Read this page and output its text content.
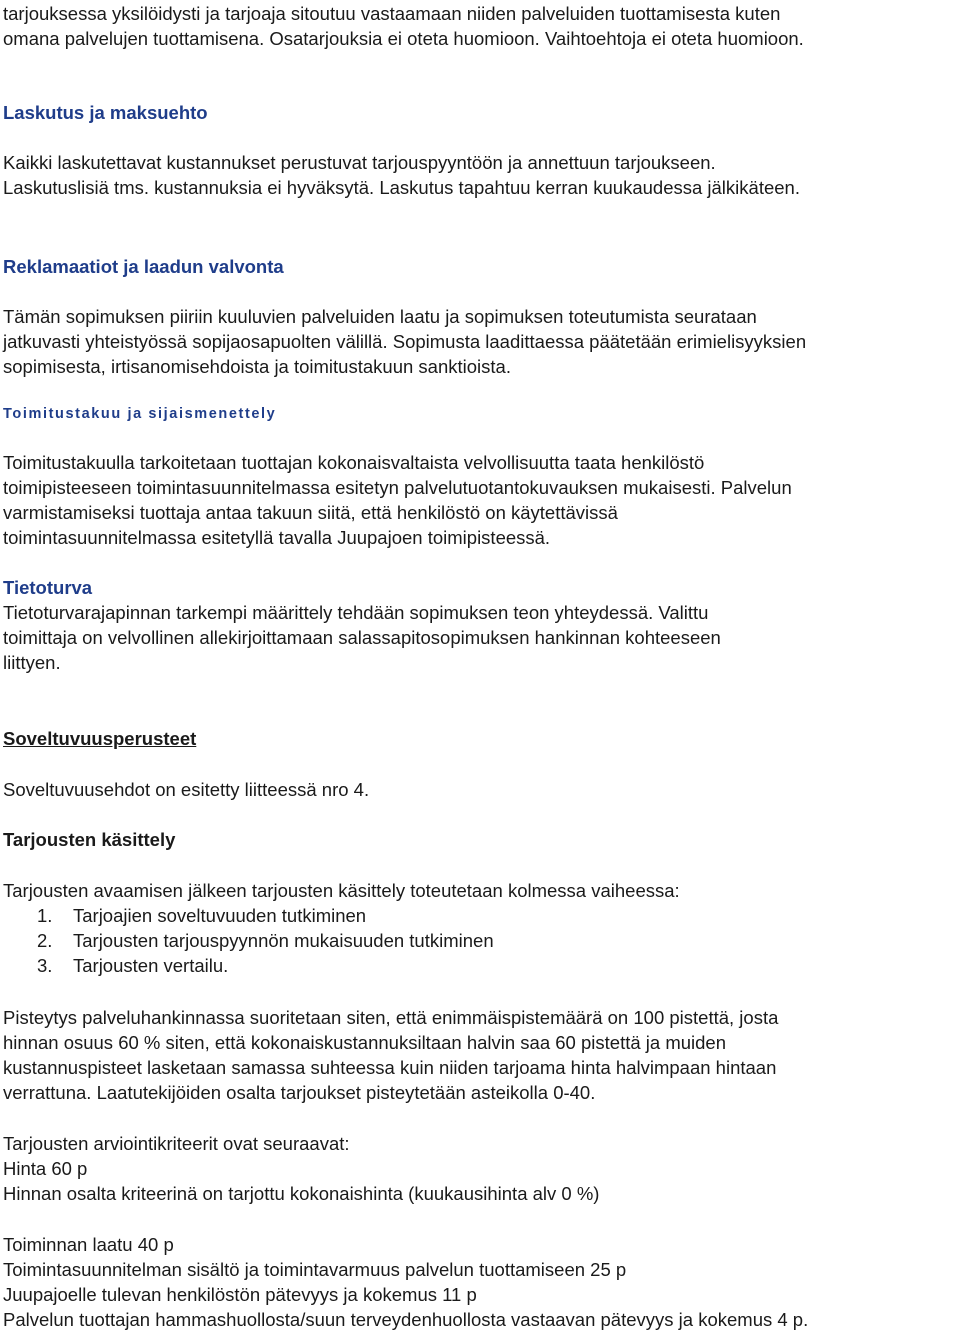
tarjouksessa yksilöidysti ja tarjoaja sitoutuu vastaamaan niiden palveluiden tuottamisesta kuten
omana palvelujen tuottamisena. Osatarjouksia ei oteta huomioon. Vaihtoehtoja ei oteta huomioon.
Laskutus ja maksuehto
Kaikki laskutettavat kustannukset perustuvat tarjouspyyntöön ja annettuun tarjoukseen.
Laskutuslisiä tms. kustannuksia ei hyväksytä. Laskutus tapahtuu kerran kuukaudessa jälkikäteen.
Reklamaatiot ja laadun valvonta
Tämän sopimuksen piiriin kuuluvien palveluiden laatu ja sopimuksen toteutumista seurataan
jatkuvasti yhteistyössä sopijaosapuolten välillä. Sopimusta laadittaessa päätetään erimielisyyksien
sopimisesta, irtisanomisehdoista ja toimitustakuun sanktioista.
Toimitustakuu ja sijaismenettely
Toimitustakuulla tarkoitetaan tuottajan kokonaisvaltaista velvollisuutta taata henkilöstö
toimipisteeseen toimintasuunnitelmassa esitetyn palvelutuotantokuvauksen mukaisesti. Palvelun
varmistamiseksi tuottaja antaa takuun siitä, että henkilöstö on käytettävissä
toimintasuunnitelmassa esitetyllä tavalla Juupajoen toimipisteessä.
Tietoturva
Tietoturvarajapinnan tarkempi määrittely tehdään sopimuksen teon yhteydessä. Valittu
toimittaja on velvollinen allekirjoittamaan salassapitosopimuksen hankinnan kohteeseen
liittyen.
Soveltuvuusperusteet
Soveltuvuusehdot on esitetty liitteessä nro 4.
Tarjousten käsittely
Tarjousten avaamisen jälkeen tarjousten käsittely toteutetaan kolmessa vaiheessa:
1. Tarjoajien soveltuvuuden tutkiminen
2. Tarjousten tarjouspyynnön mukaisuuden tutkiminen
3. Tarjousten vertailu.
Pisteytys palveluhankinnassa suoritetaan siten, että enimmäispistemäärä on 100 pistettä, josta
hinnan osuus 60 % siten, että kokonaiskustannuksiltaan halvin saa 60 pistettä ja muiden
kustannuspisteet lasketaan samassa suhteessa kuin niiden tarjoama hinta halvimpaan hintaan
verrattuna. Laatutekijöiden osalta tarjoukset pisteytetään asteikolla 0-40.
Tarjousten arviointikriteerit ovat seuraavat:
Hinta 60 p
Hinnan osalta kriteerinä on tarjottu kokonaishinta (kuukausihinta alv 0 %)
Toiminnan laatu 40 p
Toimintasuunnitelman sisältö ja toimintavarmuus palvelun tuottamiseen 25 p
Juupajoelle tulevan henkilöstön pätevyys ja kokemus 11 p
Palvelun tuottajan hammashuollosta/suun terveydenhuollosta vastaavan pätevyys ja kokemus 4 p.
